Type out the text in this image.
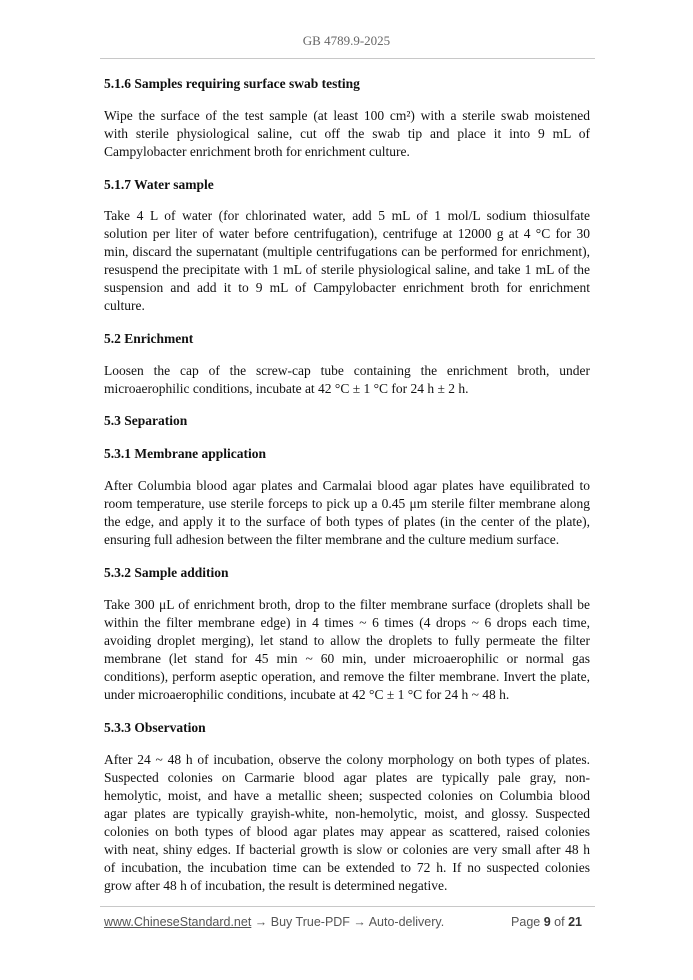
GB 4789.9-2025
5.1.6 Samples requiring surface swab testing
Wipe the surface of the test sample (at least 100 cm²) with a sterile swab moistened
with sterile physiological saline, cut off the swab tip and place it into 9 mL of
Campylobacter enrichment broth for enrichment culture.
5.1.7 Water sample
Take 4 L of water (for chlorinated water, add 5 mL of 1 mol/L sodium thiosulfate
solution per liter of water before centrifugation), centrifuge at 12000 g at 4 °C for 30
min, discard the supernatant (multiple centrifugations can be performed for enrichment),
resuspend the precipitate with 1 mL of sterile physiological saline, and take 1 mL of the
suspension and add it to 9 mL of Campylobacter enrichment broth for enrichment
culture.
5.2 Enrichment
Loosen the cap of the screw-cap tube containing the enrichment broth, under
microaerophilic conditions, incubate at 42 °C ± 1 °C for 24 h ± 2 h.
5.3 Separation
5.3.1 Membrane application
After Columbia blood agar plates and Carmalai blood agar plates have equilibrated to
room temperature, use sterile forceps to pick up a 0.45 μm sterile filter membrane along
the edge, and apply it to the surface of both types of plates (in the center of the plate),
ensuring full adhesion between the filter membrane and the culture medium surface.
5.3.2 Sample addition
Take 300 μL of enrichment broth, drop to the filter membrane surface (droplets shall be
within the filter membrane edge) in 4 times ~ 6 times (4 drops ~ 6 drops each time,
avoiding droplet merging), let stand to allow the droplets to fully permeate the filter
membrane (let stand for 45 min ~ 60 min, under microaerophilic or normal gas
conditions), perform aseptic operation, and remove the filter membrane. Invert the plate,
under microaerophilic conditions, incubate at 42 °C ± 1 °C for 24 h ~ 48 h.
5.3.3 Observation
After 24 ~ 48 h of incubation, observe the colony morphology on both types of plates.
Suspected colonies on Carmarie blood agar plates are typically pale gray, non-
hemolytic, moist, and have a metallic sheen; suspected colonies on Columbia blood
agar plates are typically grayish-white, non-hemolytic, moist, and glossy. Suspected
colonies on both types of blood agar plates may appear as scattered, raised colonies
with neat, shiny edges. If bacterial growth is slow or colonies are very small after 48 h
of incubation, the incubation time can be extended to 72 h. If no suspected colonies
grow after 48 h of incubation, the result is determined negative.
www.ChineseStandard.net → Buy True-PDF → Auto-delivery.	Page 9 of 21
